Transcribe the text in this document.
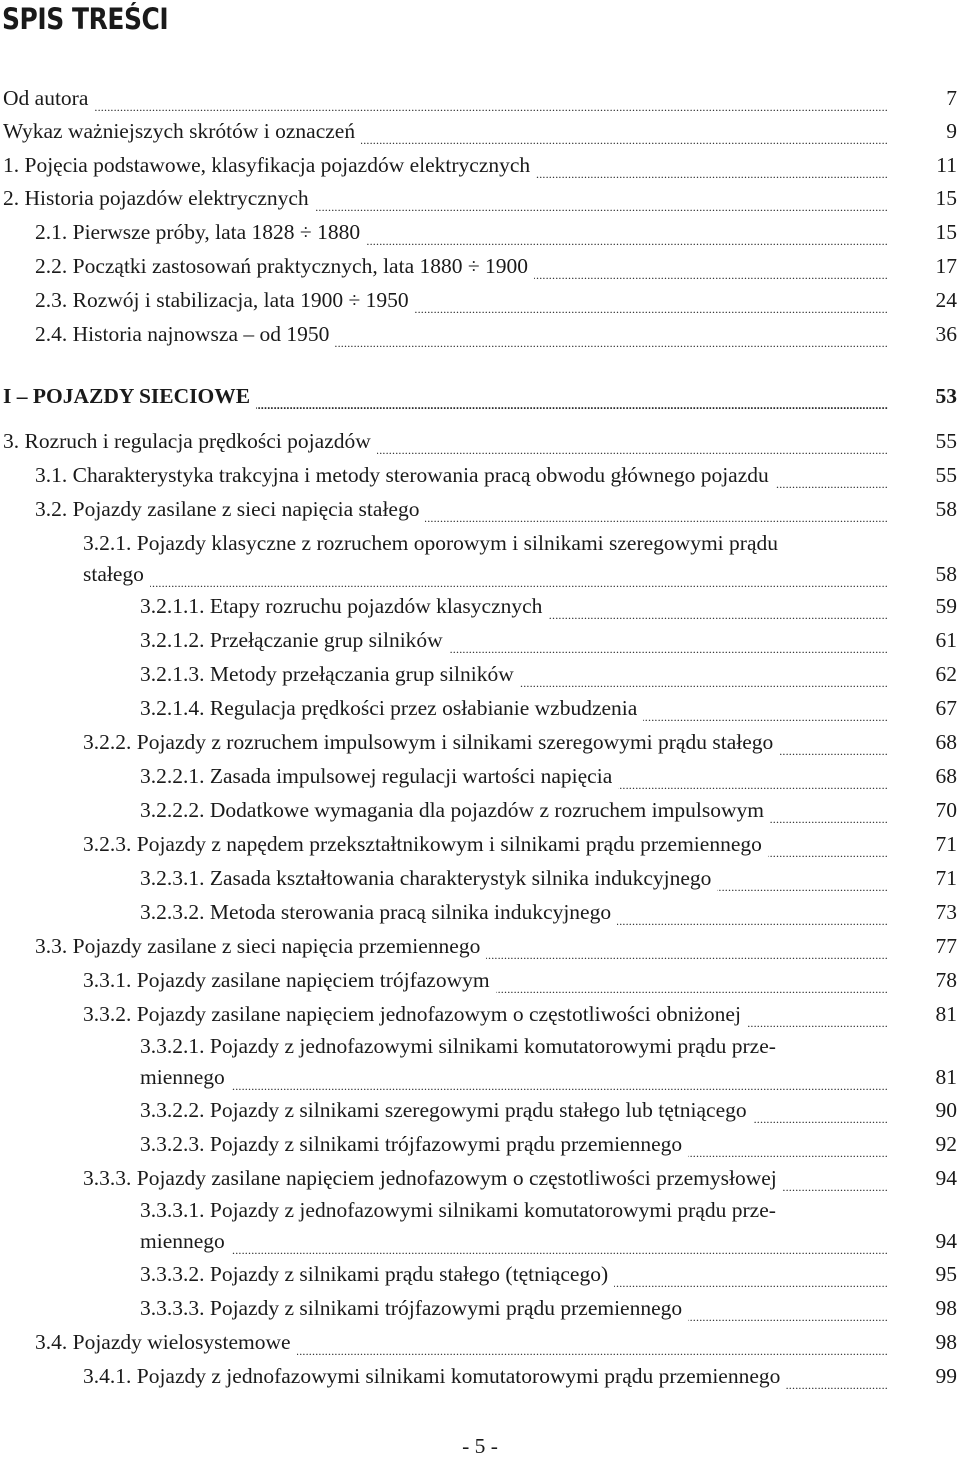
SPIS TREŚCI
.....
Od autora	7
.....
Wykaz ważniejszych skrótów i oznaczeń	9
.....
1. Pojęcia podstawowe, klasyfikacja pojazdów elektrycznych	11
.....
2. Historia pojazdów elektrycznych	15
.....
2.1. Pierwsze próby, lata 1828 ÷ 1880	15
.....
2.2. Początki zastosowań praktycznych, lata 1880 ÷ 1900	17
.....
2.3. Rozwój i stabilizacja, lata 1900 ÷ 1950	24
.....
2.4. Historia najnowsza – od 1950	36
.....
I – POJAZDY SIECIOWE	53
.....
3. Rozruch i regulacja prędkości pojazdów	55
.....
3.1. Charakterystyka trakcyjna i metody sterowania pracą obwodu głównego pojazdu	55
.....
3.2. Pojazdy zasilane z sieci napięcia stałego	58
3.2.1. Pojazdy klasyczne z rozruchem oporowym i silnikami szeregowymi prądu
.....
stałego	58
.....
3.2.1.1. Etapy rozruchu pojazdów klasycznych	59
.....
3.2.1.2. Przełączanie grup silników	61
.....
3.2.1.3. Metody przełączania grup silników	62
.....
3.2.1.4. Regulacja prędkości przez osłabianie wzbudzenia	67
.....
3.2.2. Pojazdy z rozruchem impulsowym i silnikami szeregowymi prądu stałego	68
.....
3.2.2.1. Zasada impulsowej regulacji wartości napięcia	68
.....
3.2.2.2. Dodatkowe wymagania dla pojazdów z rozruchem impulsowym	70
.....
3.2.3. Pojazdy z napędem przekształtnikowym i silnikami prądu przemiennego	71
.....
3.2.3.1. Zasada kształtowania charakterystyk silnika indukcyjnego	71
.....
3.2.3.2. Metoda sterowania pracą silnika indukcyjnego	73
.....
3.3. Pojazdy zasilane z sieci napięcia przemiennego	77
.....
3.3.1. Pojazdy zasilane napięciem trójfazowym	78
.....
3.3.2. Pojazdy zasilane napięciem jednofazowym o częstotliwości obniżonej	81
3.3.2.1. Pojazdy z jednofazowymi silnikami komutatorowymi prądu prze-
.....
miennego	81
.....
3.3.2.2. Pojazdy z silnikami szeregowymi prądu stałego lub tętniącego	90
.....
3.3.2.3. Pojazdy z silnikami trójfazowymi prądu przemiennego	92
.....
3.3.3. Pojazdy zasilane napięciem jednofazowym o częstotliwości przemysłowej	94
3.3.3.1. Pojazdy z jednofazowymi silnikami komutatorowymi prądu prze-
.....
miennego	94
.....
3.3.3.2. Pojazdy z silnikami prądu stałego (tętniącego)	95
.....
3.3.3.3. Pojazdy z silnikami trójfazowymi prądu przemiennego	98
.....
3.4. Pojazdy wielosystemowe	98
.....
3.4.1. Pojazdy z jednofazowymi silnikami komutatorowymi prądu przemiennego	99
- 5 -
